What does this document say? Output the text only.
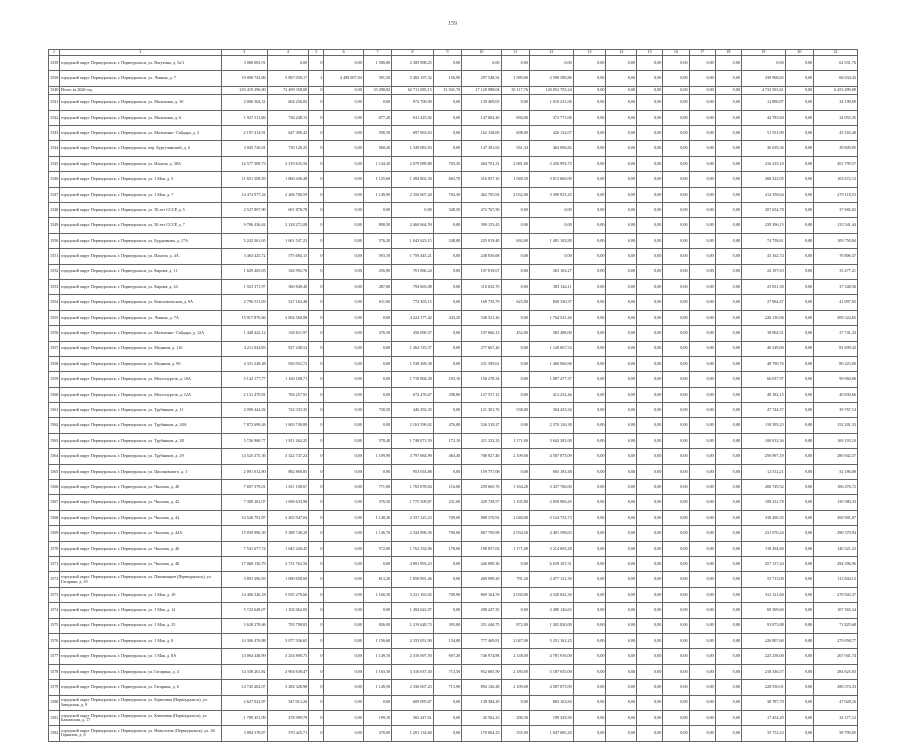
159
1	2	3	4	5	6	7	8	9	10	11	12	13	14	15	16	17	18	19	20	21
1539	городской округ Первоуральск, г. Первоуральск, ул. Ватутина, д. 5а/1	3 080 003,91	0,00	0	0,00	1 580,00	2 385 908,25	0,00	0,00	0,00	0,00	0,00	0,00	0,00	0,00	0,00	0,00	0,00	0,00	62 931,76
1539	городской округ Первоуральск, г. Первоуральск, ул. Ленина, д. 7	19 006 743,86	5 867 039,17	2	4 498 007,04	591,50	5 482 197,32	156,90	297 548,54	1 589,00	2 590 396,86	0,00	0,00	0,00	0,00	0,00	0,00	339 968,65	0,00	66 034,43
1540	Итого за 2020 год	233 419 296,00	72 499 358,00	0	0,00	33 298,82	62 711 085,15	31 041,70	17 120 988,04	35 117,76	120 052 755,24	0,00	0,00	0,00	0,00	0,00	0,00	4 733 501,61	0,00	6 453 499,08
1541	городской округ Первоуральск, г. Первоуральск, ул. Малыгина, д. 10	2 006 304,31	604 256,82	0	0,00	0,00	972 700,09	0,00	130 469,05	0,00	1 018 231,06	0,00	0,00	0,00	0,00	0,00	0,00	12 890,07	0,00	34 199,69
1542	городской округ Первоуральск, г. Первоуральск, ул. Малыгина, д. 6	1 927 311,86	736 248,15	0	0,00	677,20	631 425,92	0,00	147 602,20	694,00	372 771,06	0,00	0,00	0,00	0,00	0,00	0,00	44 783,60	0,00	34 955,35
1543	городской округ Первоуральск, г. Первоуральск, ул. Малыгина - Гайдара, д. 2	2 197 414,91	627 300,42	0	0,00	590,50	697 963,63	0,00	162 128,00	608,00	426 132,07	0,00	0,00	0,00	0,00	0,00	0,00	51 551,09	0,00	43 165,40
1544	городской округ Первоуральск, г. Первоуральск, пер. Бургучинский, д. 6	3 045 726,01	730 128,25	0	0,00	568,20	1 349 083,93	0,00	147 381,63	561,34	463 096,82	0,00	0,00	0,00	0,00	0,00	0,00	30 639,36	0,00	39 849,05
1545	городской округ Первоуральск, г. Первоуральск, ул. Ильича, д. 38А	16 577 309,73	3 319 635,50	0	0,00	1 144,30	2 079 089,80	703,30	404 701,31	2 081,00	2 450 993,75	0,00	0,00	0,00	0,00	0,00	0,00	216 235,10	0,00	261 799,57
1546	городской округ Первоуральск, г. Первоуральск, ул. 1 Мая, д. 5	11 651 508,50	1 860 436,48	0	0,00	1 125,60	1 494 802,30	663,70	316 057,16	1 948,50	3 013 660,09	0,00	0,00	0,00	0,00	0,00	0,00	268 222,05	0,00	163 672,12
1547	городской округ Первоуральск, г. Первоуральск, ул. 1 Мая, д. 7	14 474 977,24	2 266 700,59	0	0,00	1 149,90	2 356 607,20	704,30	462 705,92	2 032,00	3 399 923,25	0,00	0,00	0,00	0,00	0,00	0,00	214 358,64	0,00	279 118,53
1548	городской округ Первоуральск, г. Первоуральск, ул. 50 лет СССР, д. 5	2 527 807,90	601 878,78	0	0,00	0,00	0,00	348,50	472 767,50	0,00	0,00	0,00	0,00	0,00	0,00	0,00	0,00	207 634,78	0,00	37 682,02
1549	городской округ Первоуральск, г. Первоуральск, ул. 50 лет СССР, д. 7	9 786 436,62	2 128 272,08	0	0,00	890,50	2 460 664,59	0,00	399 155,43	0,00	0,00	0,00	0,00	0,00	0,00	0,00	0,00	239 296,15	0,00	133 541,44
1550	городской округ Первоуральск, г. Первоуральск, ул. Бурденкова, д. 17А	5 242 361,65	1 601 547,23	0	0,00	576,20	1 042 623,15	248,00	225 019,40	692,00	1 481 102,80	0,00	0,00	0,00	0,00	0,00	0,00	74 758,61	0,00	109 750,84
1551	городской округ Первоуральск, г. Первоуральск, ул. Ильича, д. 4А	3 463 425,72	575 684,15	0	0,00	593,10	1 759 445,21	0,00	248 836,68	0,00	0,00	0,00	0,00	0,00	0,00	0,00	0,00	43 162,74	0,00	70 806,37
1552	городской округ Первоуральск, г. Первоуральск, ул. Кирова, д. 11	1 629 405,03	326 992,76	0	0,00	256,90	701 066,24	0,00	107 819,67	0,00	363 163,27	0,00	0,00	0,00	0,00	0,00	0,00	22 197,63	0,00	33 477,21
1553	городской округ Первоуральск, г. Первоуральск, ул. Кирова, д. 24	1 923 371,97	360 848,40	0	0,00	287,80	794 603,08	0,00	118 632,70	0,00	383 144,11	0,00	0,00	0,00	0,00	0,00	0,00	23 831,30	0,00	37 348,56
1554	городской округ Первоуральск, г. Первоуральск, ул. Комсомольская, д. 9А	2 796 511,09	527 163,48	0	0,00	611,00	774 303,15	0,00	169 735,79	625,00	849 330,37	0,00	0,00	0,00	0,00	0,00	0,00	27 964,47	0,00	41 997,65
1555	городской округ Первоуральск, г. Первоуральск, ул. Ленина, д. 7А	15 917 876,66	3 004 560,08	0	0,00	0,00	4 224 177,42	443,20	546 521,26	0,00	1 764 541,46	0,00	0,00	0,00	0,00	0,00	0,00	226 130,06	0,00	209 324,65
1556	городской округ Первоуральск, г. Первоуральск, ул. Малыгина - Гайдара, д. 12А	1 448 422,12	330 611,97	0	0,00	376,50	456 090,37	0,00	107 666,13	452,00	382 488,00	0,00	0,00	0,00	0,00	0,00	0,00	18 964,51	0,00	27 741,33
1557	городской округ Первоуральск, г. Первоуральск, ул. Медиков, д. 11б	4 211 024,85	927 248,52	0	0,00	0,00	1 364 725,37	0,00	277 667,26	0,00	1 120 067,54	0,00	0,00	0,00	0,00	0,00	0,00	46 529,00	0,00	81 699,32
1558	городской округ Первоуральск, г. Первоуральск, ул. Медиков, д. 9б	4 331 228,48	920 052,72	0	0,00	0,00	1 538 369,38	0,00	231 399,61	0,00	1 460 066,96	0,00	0,00	0,00	0,00	0,00	0,00	48 790,76	0,00	80 223,00
1559	городской округ Первоуральск, г. Первоуральск, ул. Металлургов, д. 10А	5 142 177,77	1 160 168,71	0	0,00	0,00	1 718 804,38	103,10	156 278,34	0,00	1 087 477,37	0,00	0,00	0,00	0,00	0,00	0,00	66 037,97	0,00	99 060,00
1560	городской округ Первоуральск, г. Первоуральск, ул. Металлургов, д. 12А	2 131 470,81	784 257,93	0	0,00	0,00	672 476,67	298,80	127 557,12	0,00	413 232,46	0,00	0,00	0,00	0,00	0,00	0,00	40 182,15	0,00	40 830,66
1561	городской округ Первоуральск, г. Первоуральск, ул. Трубников, д. 11	2 090 442,02	724 333,35	0	0,00	730,50	446 392,35	0,00	121 301,76	538,00	304 433,34	0,00	0,00	0,00	0,00	0,00	0,00	47 744,57	0,00	39 767,14
1562	городской округ Первоуральск, г. Первоуральск, ул. Трубников, д. 20А	7 872 699,26	1 603 749,89	0	0,00	0,00	2 163 590,02	476,00	526 319,27	0,00	2 370 126,38	0,00	0,00	0,00	0,00	0,00	0,00	110 395,23	0,00	152 201,33
1563	городской округ Первоуральск, г. Первоуральск, ул. Трубников, д. 28	5 726 960,77	1 811 262,25	0	0,00	578,40	1 748 071,59	172,10	211 252,33	1 171,00	3 642 281,00	0,00	0,00	0,00	0,00	0,00	0,00	100 812,36	0,00	169 103,10
1564	городской округ Первоуральск, г. Первоуральск, ул. Трубников, д. 29	14 525 475,36	3 322 747,24	0	0,00	1 109,90	3 797 684,99	464,40	768 927,46	2 109,00	4 587 875,09	0,00	0,00	0,00	0,00	0,00	0,00	256 997,19	0,00	280 942,57
1565	городской округ Первоуральск, г. Первоуральск, ул. Циолковского, д. 1	2 091 012,80	882 868,85	0	0,00	0,00	953 654,88	0,00	159 757,08	0,00	665 183,48	0,00	0,00	0,00	0,00	0,00	0,00	12 512,21	0,00	52 186,08
1566	городской округ Первоуральск, г. Первоуральск, ул. Чкалова, д. 40	7 697 379,01	1 611 108,67	0	0,00	771,00	1 765 078,04	116,00	259 665,76	1 164,20	3 437 760,00	0,00	0,00	0,00	0,00	0,00	0,00	206 749,52	0,00	106 476,72
1567	городской округ Первоуральск, г. Первоуральск, ул. Чкалова, д. 42	7 389 261,07	1 696 633,98	0	0,00	576,50	1 775 509,87	231,00	429 749,57	1 105,80	2 058 960,45	0,00	0,00	0,00	0,00	0,00	0,00	108 231,78	0,00	139 380,33
1568	городской округ Первоуральск, г. Первоуральск, ул. Чкалова, д. 44	14 526 791,87	3 265 947,04	0	0,00	1 148,30	2 337 225,23	709,00	888 370,92	2 040,00	5 124 753,73	0,00	0,00	0,00	0,00	0,00	0,00	318 496,35	0,00	260 901,07
1569	городской округ Первоуральск, г. Первоуральск, ул. Чкалова, д. 44А	15 039 996,39	3 388 748,20	0	0,00	1 146,70	2 344 890,36	700,00	867 709,99	2 034,50	4 401 598,03	0,00	0,00	0,00	0,00	0,00	0,00	231 070,24	0,00	290 379,94
1570	городской округ Первоуральск, г. Первоуральск, ул. Чкалова, д. 46	7 541 677,74	1 645 220,45	0	0,00	572,00	1 762 332,96	178,00	198 837,02	1 171,00	3 214 693,28	0,00	0,00	0,00	0,00	0,00	0,00	118 494,60	0,00	140 521,23
1571	городской округ Первоуральск, г. Первоуральск, ул. Чкалова, д. 48	17 068 136,79	3 731 762,50	0	0,00	0,00	4 891 993,23	0,00	446 089,30	0,00	6 639 167,31	0,00	0,00	0,00	0,00	0,00	0,00	257 137,44	0,00	294 396,96
1572	городской округ Первоуральск, г. Первоуральск, ул. Папанинцев (Первоуральск), ул. Гагарина, д. 39	3 891 396,83	1 080 658,00	0	0,00	613,20	1 050 991,46	0,00	269 999,29	791,20	2 477 121,39	0,00	0,00	0,00	0,00	0,00	0,00	53 713,00	0,00	113 604,12
1573	городской округ Первоуральск, г. Первоуральск, ул. 1 Мая, д. 10	14 406 526,18	3 035 270,66	0	0,00	1 160,30	3 231 163,02	709,90	869 164,59	2 030,00	4 520 842,30	0,00	0,00	0,00	0,00	0,00	0,00	312 121,60	0,00	270 943,37
1574	городской округ Первоуральск, г. Первоуральск, ул. 1 Мая, д. 12	5 723 649,07	1 102 062,05	0	0,00	0,00	1 492 622,07	0,00	298 247,35	0,00	2 480 126,63	0,00	0,00	0,00	0,00	0,00	0,00	69 509,60	0,00	107 365,34
1575	городской округ Первоуральск, г. Первоуральск, ул. 1 Мая, д. 25	3 628 278,46	783 798,83	0	0,00	826,00	1 219 628,73	393,00	251 446,75	872,00	1 302 820,00	0,00	0,00	0,00	0,00	0,00	0,00	93 873,88	0,00	71 825,68
1576	городской округ Первоуральск, г. Первоуральск, ул. 1 Мая, д. 8	14 306 476,88	3 077 336,65	0	0,00	1 156,60	2 333 051,00	134,00	777 469,81	2 047,00	5 251 161,25	0,00	0,00	0,00	0,00	0,00	0,00	226 807,60	0,00	279 058,77
1577	городской округ Первоуральск, г. Первоуральск, ул. 1 Мая, д. 8А	14 064 448,89	3 254 890,75	0	0,00	1 149,10	2 316 697,50	697,20	746 974,88	2 148,00	4 781 916,00	0,00	0,00	0,00	0,00	0,00	0,00	225 258,00	0,00	267 941,74
1578	городской округ Первоуральск, г. Первоуральск, ул. Гагарина, д. 4	14 338 261,82	2 904 638,47	0	0,00	1 163,30	3 316 037,30	713,50	952 685,59	2 180,00	5 187 655,00	0,00	0,00	0,00	0,00	0,00	0,00	218 336,57	0,00	284 625,03
1579	городской округ Первоуральск, г. Первоуральск, ул. Гагарина, д. 6	14 745 402,07	3 282 328,98	0	0,00	1 149,50	2 336 067,23	713,90	892 126,28	2 109,00	4 587 875,09	0,00	0,00	0,00	0,00	0,00	0,00	228 550,01	0,00	286 574,33
1580	городской округ Первоуральск, г. Первоуральск, ул. Береговая (Первоуральск), ул. Заводская, д. 9	2 627 023,87	547 013,26	0	0,00	0,00	609 095,67	0,00	138 384,29	0,00	883 163,84	0,00	0,00	0,00	0,00	0,00	0,00	38 787,70	0,00	47 028,16
1581	городской округ Первоуральск, г. Первоуральск, ул. Ключевая (Первоуральск), ул. Бажовская, д. 17	1 789 351,99	478 999,79	0	0,00	199,10	365 447,61	0,00	45 562,23	290,30	199 329,30	0,00	0,00	0,00	0,00	0,00	0,00	17 454,29	0,00	34 377,12
1582	городской округ Первоуральск, г. Первоуральск, ул. Новоселов (Первоуральск), ул. 1й Горнятов, д. 6	3 084 578,87	570 425,71	0	0,00	370,00	1 201 134,60	0,00	170 004,23	335,00	1 047 685,20	0,00	0,00	0,00	0,00	0,00	0,00	35 752,23	0,00	58 790,05
